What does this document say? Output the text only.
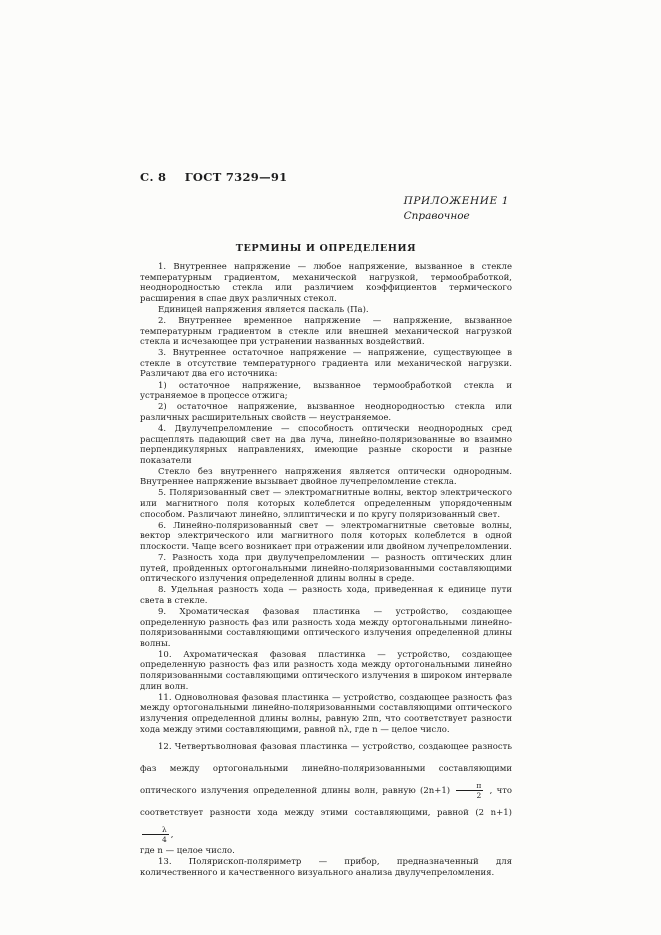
С. 8 ГОСТ 7329—91
ПРИЛОЖЕНИЕ 1
Справочное
ТЕРМИНЫ И ОПРЕДЕЛЕНИЯ

1. Внутреннее напряжение — любое напряжение, вызванное в стекле температурным градиентом, механической нагрузкой, термообработкой, неоднородностью стекла или различием коэффициентов термического расширения в спае двух различных стекол.

Единицей напряжения является паскаль (Па).

2. Внутреннее временное напряжение — напряжение, вызванное температурным градиентом в стекле или внешней механической нагрузкой стекла и исчезающее при устранении названных воздействий.

3. Внутреннее остаточное напряжение — напряжение, существующее в стекле в отсутствие температурного градиента или механической нагрузки. Различают два его источника:

1) остаточное напряжение, вызванное термообработкой стекла и устраняемое в процессе отжига;

2) остаточное напряжение, вызванное неоднородностью стекла или различных расширительных свойств — неустраняемое.

4. Двулучепреломление — способность оптически неоднородных сред расщеплять падающий свет на два луча, линейно-поляризованные во взаимно перпендикулярных направлениях, имеющие разные скорости и разные показатели

Стекло без внутреннего напряжения является оптически однородным. Внутреннее напряжение вызывает двойное лучепреломление стекла.

5. Поляризованный свет — электромагнитные волны, вектор электрического или магнитного поля которых колеблется определенным упорядоченным способом. Различают линейно, эллиптически и по кругу поляризованный свет.

6. Линейно-поляризованный свет — электромагнитные световые волны, вектор электрического или магнитного поля которых колеблется в одной плоскости. Чаще всего возникает при отражении или двойном лучепреломлении.

7. Разность хода при двулучепреломлении — разность оптических длин путей, пройденных ортогональными линейно-поляризованными составляющими оптического излучения определенной длины волны в среде.

8. Удельная разность хода — разность хода, приведенная к единице пути света в стекле.

9. Хроматическая фазовая пластинка — устройство, создающее определенную разность фаз или разность хода между ортогональными линейно-поляризованными составляющими оптического излучения определенной длины волны.

10. Ахроматическая фазовая пластинка — устройство, создающее определенную разность фаз или разность хода между ортогональными линейно поляризованными составляющими оптического излучения в широком интервале длин волн.

11. Одноволновая фазовая пластинка — устройство, создающее разность фаз между ортогональными линейно-поляризованными составляющими оптического излучения определенной длины волны, равную 2πn, что соответствует разности хода между этими составляющими, равной nλ, где n — целое число.

12. Четвертьволновая фазовая пластинка — устройство, создающее разность фаз между ортогональными линейно-поляризованными составляющими оптического излучения определенной длины волн, равную $(2n+1) \frac{\pi}{2}$ , что соответствует разности хода между этими составляющими, равной (2 n+1)
$\frac{\lambda}{4}$ ,

где n — целое число.

13. Полярископ-поляриметр — прибор, предназначенный для количественного и качественного визуального анализа двулучепреломления.
